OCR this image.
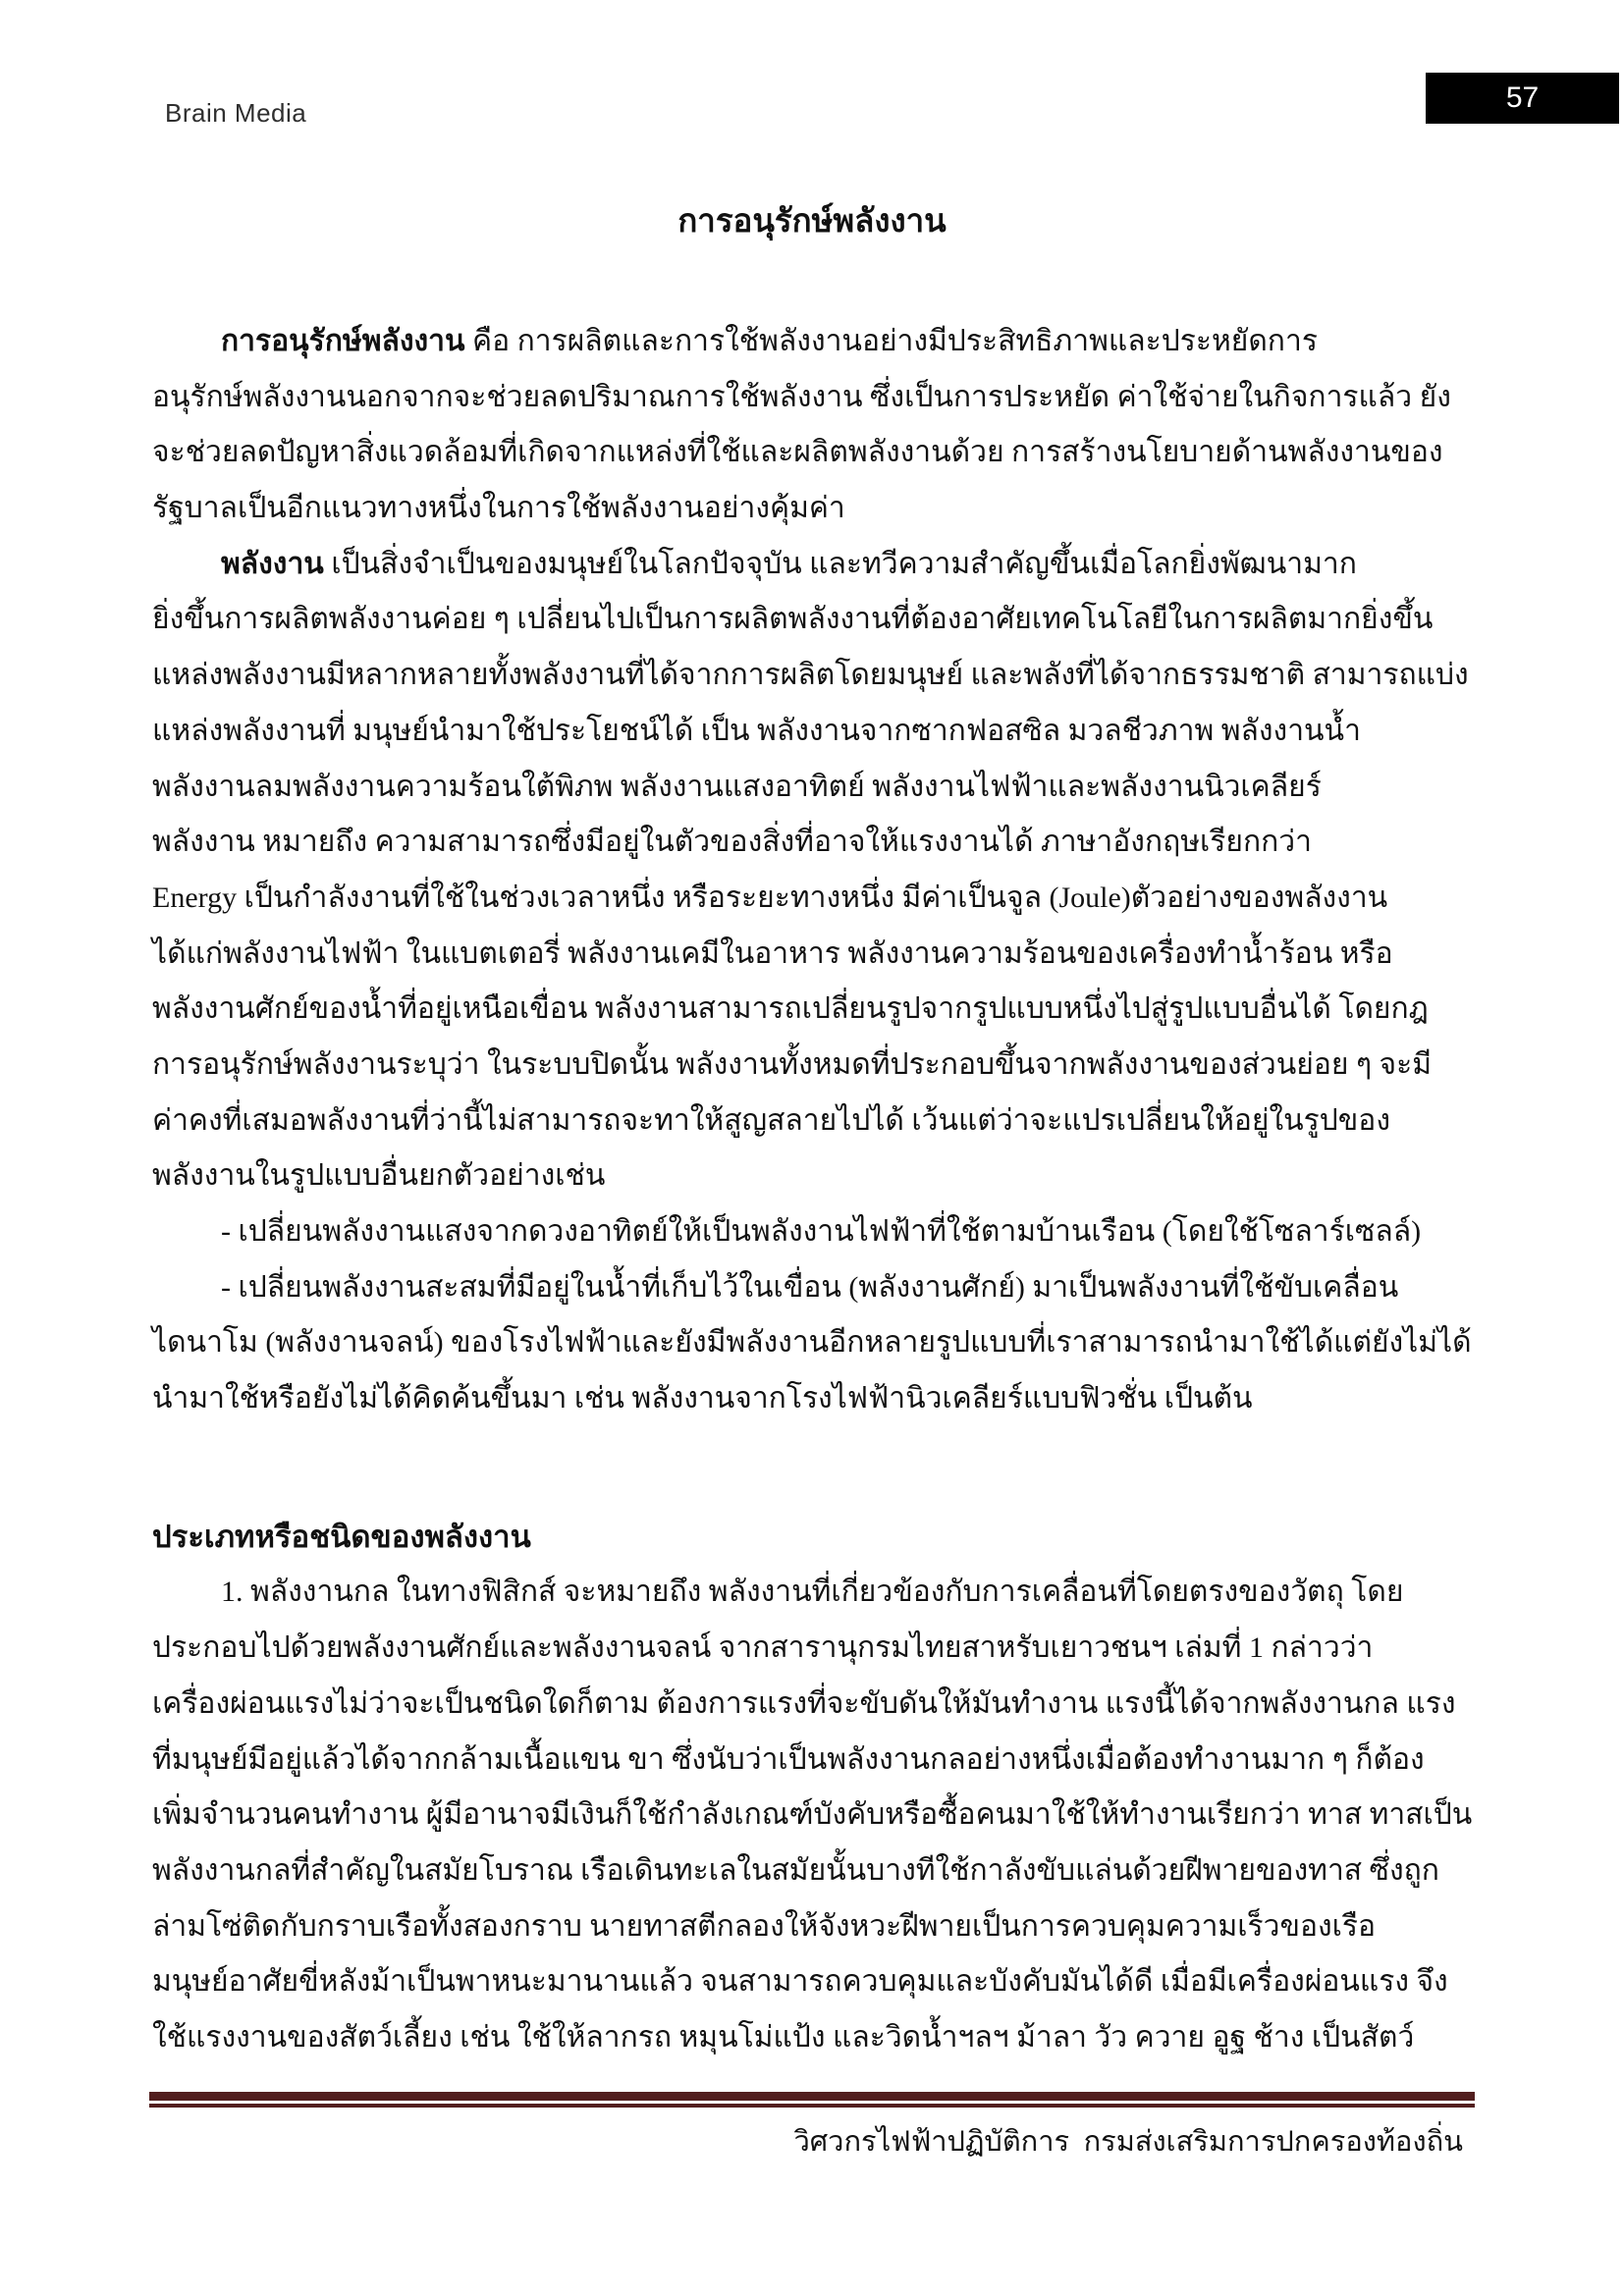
Brain Media	57
การอนุรักษ์พลังงาน
การอนุรักษ์พลังงาน คือ การผลิตและการใช้พลังงานอย่างมีประสิทธิภาพและประหยัดการ
อนุรักษ์พลังงานนอกจากจะช่วยลดปริมาณการใช้พลังงาน ซึ่งเป็นการประหยัด ค่าใช้จ่ายในกิจการแล้ว ยัง
จะช่วยลดปัญหาสิ่งแวดล้อมที่เกิดจากแหล่งที่ใช้และผลิตพลังงานด้วย การสร้างนโยบายด้านพลังงานของ
รัฐบาลเป็นอีกแนวทางหนึ่งในการใช้พลังงานอย่างคุ้มค่า
พลังงาน เป็นสิ่งจำเป็นของมนุษย์ในโลกปัจจุบัน และทวีความสำคัญขึ้นเมื่อโลกยิ่งพัฒนามาก
ยิ่งขึ้นการผลิตพลังงานค่อย ๆ เปลี่ยนไปเป็นการผลิตพลังงานที่ต้องอาศัยเทคโนโลยีในการผลิตมากยิ่งขึ้น
แหล่งพลังงานมีหลากหลายทั้งพลังงานที่ได้จากการผลิตโดยมนุษย์ และพลังที่ได้จากธรรมชาติ สามารถแบ่ง
แหล่งพลังงานที่ มนุษย์นำมาใช้ประโยชน์ได้ เป็น พลังงานจากซากฟอสซิล มวลชีวภาพ พลังงานน้ำ
พลังงานลมพลังงานความร้อนใต้พิภพ พลังงานแสงอาทิตย์ พลังงานไฟฟ้าและพลังงานนิวเคลียร์
พลังงาน หมายถึง ความสามารถซึ่งมีอยู่ในตัวของสิ่งที่อาจให้แรงงานได้ ภาษาอังกฤษเรียกกว่า
Energy เป็นกำลังงานที่ใช้ในช่วงเวลาหนึ่ง หรือระยะทางหนึ่ง มีค่าเป็นจูล (Joule)ตัวอย่างของพลังงาน
ได้แก่พลังงานไฟฟ้า ในแบตเตอรี่ พลังงานเคมีในอาหาร พลังงานความร้อนของเครื่องทำน้ำร้อน หรือ
พลังงานศักย์ของน้ำที่อยู่เหนือเขื่อน พลังงานสามารถเปลี่ยนรูปจากรูปแบบหนึ่งไปสู่รูปแบบอื่นได้ โดยกฎ
การอนุรักษ์พลังงานระบุว่า ในระบบปิดนั้น พลังงานทั้งหมดที่ประกอบขึ้นจากพลังงานของส่วนย่อย ๆ จะมี
ค่าคงที่เสมอพลังงานที่ว่านี้ไม่สามารถจะทาให้สูญสลายไปได้ เว้นแต่ว่าจะแปรเปลี่ยนให้อยู่ในรูปของ
พลังงานในรูปแบบอื่นยกตัวอย่างเช่น
- เปลี่ยนพลังงานแสงจากดวงอาทิตย์ให้เป็นพลังงานไฟฟ้าที่ใช้ตามบ้านเรือน (โดยใช้โซลาร์เซลล์)
- เปลี่ยนพลังงานสะสมที่มีอยู่ในน้ำที่เก็บไว้ในเขื่อน (พลังงานศักย์) มาเป็นพลังงานที่ใช้ขับเคลื่อน
ไดนาโม (พลังงานจลน์) ของโรงไฟฟ้าและยังมีพลังงานอีกหลายรูปแบบที่เราสามารถนำมาใช้ได้แต่ยังไม่ได้
นำมาใช้หรือยังไม่ได้คิดค้นขึ้นมา เช่น พลังงานจากโรงไฟฟ้านิวเคลียร์แบบฟิวชั่น เป็นต้น
ประเภทหรือชนิดของพลังงาน
1. พลังงานกล ในทางฟิสิกส์ จะหมายถึง พลังงานที่เกี่ยวข้องกับการเคลื่อนที่โดยตรงของวัตถุ โดย
ประกอบไปด้วยพลังงานศักย์และพลังงานจลน์ จากสารานุกรมไทยสาหรับเยาวชนฯ เล่มที่ 1 กล่าวว่า
เครื่องผ่อนแรงไม่ว่าจะเป็นชนิดใดก็ตาม ต้องการแรงที่จะขับดันให้มันทำงาน แรงนี้ได้จากพลังงานกล แรง
ที่มนุษย์มีอยู่แล้วได้จากกล้ามเนื้อแขน ขา ซึ่งนับว่าเป็นพลังงานกลอย่างหนึ่งเมื่อต้องทำงานมาก ๆ ก็ต้อง
เพิ่มจำนวนคนทำงาน ผู้มีอานาจมีเงินก็ใช้กำลังเกณฑ์บังคับหรือซื้อคนมาใช้ให้ทำงานเรียกว่า ทาส ทาสเป็น
พลังงานกลที่สำคัญในสมัยโบราณ เรือเดินทะเลในสมัยนั้นบางทีใช้กาลังขับแล่นด้วยฝีพายของทาส ซึ่งถูก
ล่ามโซ่ติดกับกราบเรือทั้งสองกราบ นายทาสตีกลองให้จังหวะฝีพายเป็นการควบคุมความเร็วของเรือ
มนุษย์อาศัยขี่หลังม้าเป็นพาหนะมานานแล้ว จนสามารถควบคุมและบังคับมันได้ดี เมื่อมีเครื่องผ่อนแรง จึง
ใช้แรงงานของสัตว์เลี้ยง เช่น ใช้ให้ลากรถ หมุนโม่แป้ง และวิดน้ำฯลฯ ม้าลา วัว ควาย อูฐ ช้าง เป็นสัตว์
วิศวกรไฟฟ้าปฏิบัติการ  กรมส่งเสริมการปกครองท้องถิ่น
